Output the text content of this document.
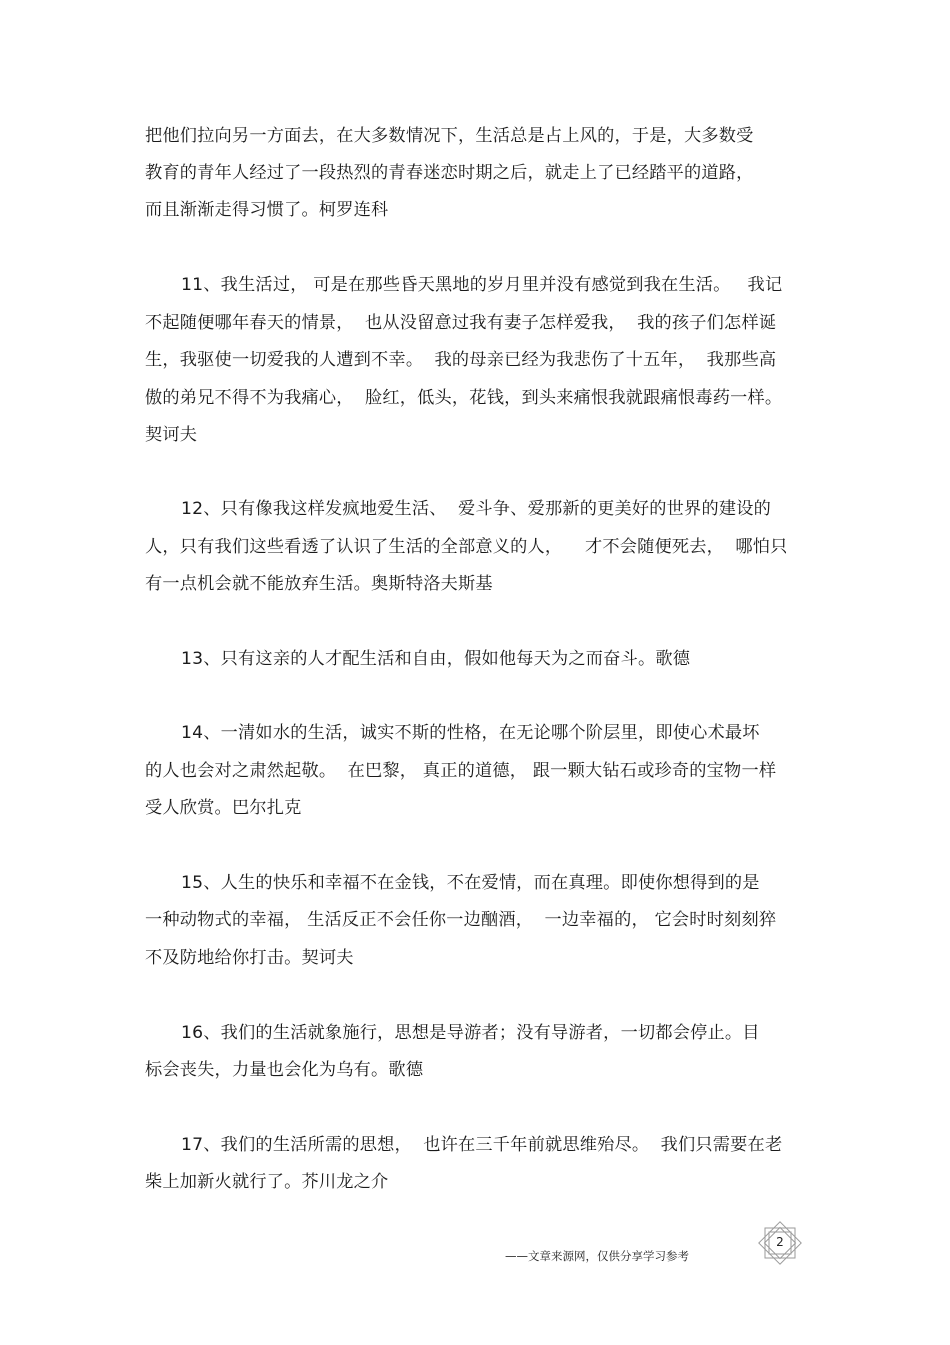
把他们拉向另一方面去，在大多数情况下，生活总是占上风的，于是，大多数受
教育的青年人经过了一段热烈的青春迷恋时期之后，就走上了已经踏平的道路，
而且渐渐走得习惯了。柯罗连科
11、我生活过， 可是在那些昏天黑地的岁月里并没有感觉到我在生活。   我记
不起随便哪年春天的情景，  也从没留意过我有妻子怎样爱我，  我的孩子们怎样诞
生，我驱使一切爱我的人遭到不幸。  我的母亲已经为我悲伤了十五年，  我那些高
傲的弟兄不得不为我痛心，  脸红，低头，花钱，到头来痛恨我就跟痛恨毒药一样。
契诃夫
12、只有像我这样发疯地爱生活、  爱斗争、爱那新的更美好的世界的建设的
人，只有我们这些看透了认识了生活的全部意义的人，    才不会随便死去，  哪怕只
有一点机会就不能放弃生活。奥斯特洛夫斯基
13、只有这亲的人才配生活和自由，假如他每天为之而奋斗。歌德
14、一清如水的生活，诚实不斯的性格，在无论哪个阶层里，即使心术最坏
的人也会对之肃然起敬。  在巴黎， 真正的道德， 跟一颗大钻石或珍奇的宝物一样
受人欣赏。巴尔扎克
15、人生的快乐和幸福不在金钱，不在爱情，而在真理。即使你想得到的是
一种动物式的幸福， 生活反正不会任你一边酗酒，  一边幸福的， 它会时时刻刻猝
不及防地给你打击。契诃夫
16、我们的生活就象施行，思想是导游者；没有导游者，一切都会停止。目
标会丧失，力量也会化为乌有。歌德
17、我们的生活所需的思想，  也许在三千年前就思维殆尽。  我们只需要在老
柴上加新火就行了。芥川龙之介
——文章来源网，仅供分享学习参考
2
